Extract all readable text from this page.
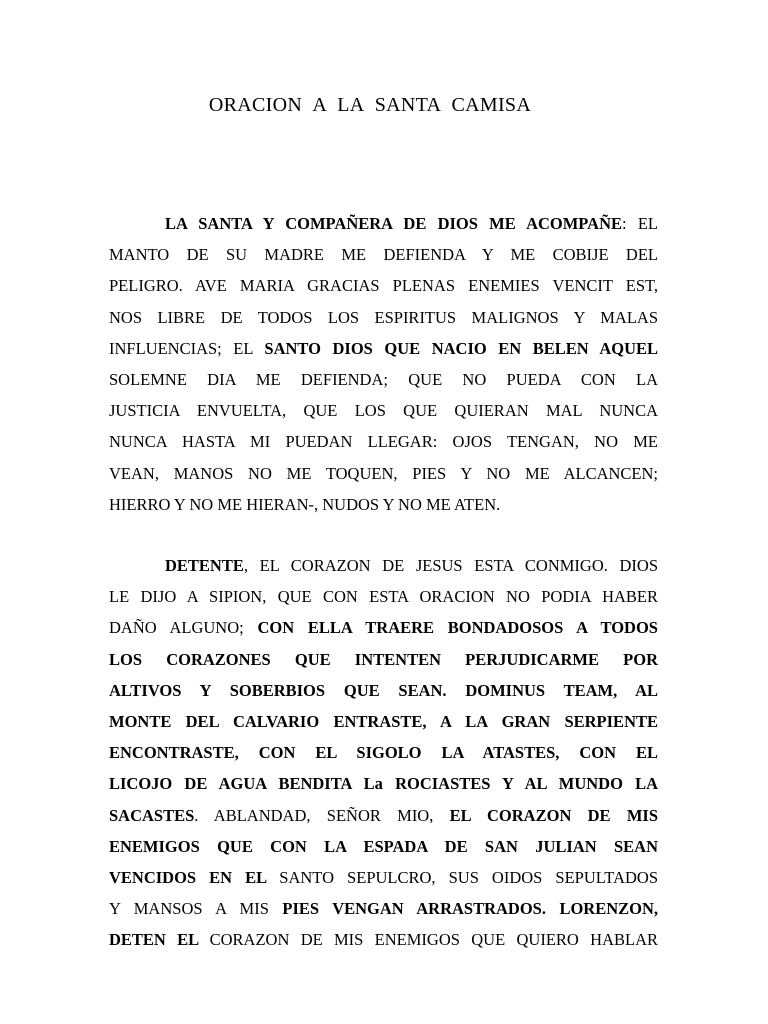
ORACION A LA SANTA CAMISA
LA SANTA Y COMPAÑERA DE DIOS ME ACOMPAÑE: EL
MANTO DE SU MADRE ME DEFIENDA Y ME COBIJE DEL
PELIGRO. AVE MARIA GRACIAS PLENAS ENEMIES VENCIT EST,
NOS LIBRE DE TODOS LOS ESPIRITUS MALIGNOS Y MALAS
INFLUENCIAS; EL SANTO DIOS QUE NACIO EN BELEN AQUEL
SOLEMNE DIA ME DEFIENDA; QUE NO PUEDA CON LA
JUSTICIA ENVUELTA, QUE LOS QUE QUIERAN MAL NUNCA
NUNCA HASTA MI PUEDAN LLEGAR: OJOS TENGAN, NO ME
VEAN, MANOS NO ME TOQUEN, PIES Y NO ME ALCANCEN;
HIERRO Y NO ME HIERAN-, NUDOS Y NO ME ATEN.
DETENTE, EL CORAZON DE JESUS ESTA CONMIGO. DIOS
LE DIJO A SIPION, QUE CON ESTA ORACION NO PODIA HABER
DAÑO ALGUNO; CON ELLA TRAERE BONDADOSOS A TODOS
LOS CORAZONES QUE INTENTEN PERJUDICARME POR
ALTIVOS Y SOBERBIOS QUE SEAN. DOMINUS TEAM, AL
MONTE DEL CALVARIO ENTRASTE, A LA GRAN SERPIENTE
ENCONTRASTE, CON EL SIGOLO LA ATASTES, CON EL
LICOJO DE AGUA BENDITA La ROCIASTES Y AL MUNDO LA
SACASTES. ABLANDAD, SEÑOR MIO, EL CORAZON DE MIS
ENEMIGOS QUE CON LA ESPADA DE SAN JULIAN SEAN
VENCIDOS EN EL SANTO SEPULCRO, SUS OIDOS SEPULTADOS
Y MANSOS A MIS PIES VENGAN ARRASTRADOS. LORENZON,
DETEN EL CORAZON DE MIS ENEMIGOS QUE QUIERO HABLAR
